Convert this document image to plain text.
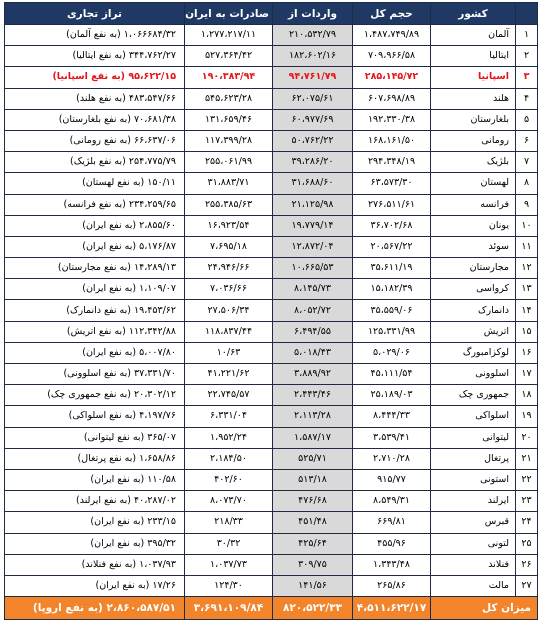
	کشور	حجم کل	واردات از	صادرات به ایران	تراز تجاری
۱	آلمان	۱،۴۸۷،۷۴۹/۸۹	۲۱۰،۵۳۲/۷۹	۱،۲۷۷،۲۱۷/۱۱	۱،۰۶۶۶۸۴/۳۲ (به نفع آلمان)
۲	ایتالیا	۷۰۹،۹۶۶/۵۸	۱۸۲،۶۰۲/۱۶	۵۲۷،۳۶۴/۴۲	۳۴۴،۷۶۲/۲۷ (به نفع ایتالیا)
۳	اسپانیا	۲۸۵،۱۴۵/۷۲	۹۴،۷۶۱/۷۹	۱۹۰،۳۸۳/۹۴	۹۵،۶۲۲/۱۵ (به نفع اسپانیا)
۴	هلند	۶۰۷،۶۹۸/۸۹	۶۲،۰۷۵/۶۱	۵۴۵،۶۲۳/۲۸	۴۸۳،۵۴۷/۶۶ (به نفع هلند)
۵	بلغارستان	۱۹۲،۳۳۰/۳۸	۶۰،۹۷۷/۶۹	۱۳۱،۶۵۹/۴۶	۷۰،۶۸۱/۳۸ (به نفع بلغارستان)
۶	رومانی	۱۶۸،۱۶۱/۵۰	۵۰،۷۶۲/۲۲	۱۱۷،۳۹۹/۲۸	۶۶،۶۳۷/۰۶ (به نفع رومانی)
۷	بلژیک	۲۹۴،۳۴۸/۱۹	۳۹،۲۸۶/۲۰	۲۵۵،۰۶۱/۹۹	۲۵۴،۷۷۵/۷۹ (به نفع بلژیک)
۸	لهستان	۶۳،۵۷۳/۳۰	۳۱،۶۸۸/۶۰	۳۱،۸۸۳/۷۱	۱۵۰/۱۱ (به نفع لهستان)
۹	فرانسه	۲۷۶،۵۱۱/۶۱	۲۱،۱۲۵/۹۸	۲۵۵،۳۸۵/۶۳	۲۳۴،۲۵۹/۶۵ (به نفع فرانسه)
۱۰	یونان	۳۶،۷۰۲/۶۸	۱۹،۷۷۹/۱۴	۱۶،۹۲۳/۵۴	۲،۸۵۵/۶۰ (به نفع ایران)
۱۱	سوئد	۲۰،۵۶۷/۲۲	۱۲،۸۷۲/۰۴	۷،۶۹۵/۱۸	۵،۱۷۶/۸۷ (به نفع ایران)
۱۲	مجارستان	۳۵،۶۱۱/۱۹	۱۰،۶۶۵/۵۳	۲۴،۹۴۶/۶۶	۱۴،۲۸۹/۱۳ (به نفع مجارستان)
۱۳	کرواسی	۱۵،۱۸۲/۳۹	۸،۱۴۵/۷۳	۷،۰۳۶/۶۶	۱،۱۰۹/۰۷ (به نفع ایران)
۱۴	دانمارک	۳۵،۵۵۹/۰۶	۸،۰۵۲/۷۲	۲۷،۵۰۶/۳۴	۱۹،۴۵۳/۶۲ (به نفع دانمارک)
۱۵	اتریش	۱۲۵،۳۳۱/۹۹	۶،۴۹۴/۵۵	۱۱۸،۸۳۷/۴۴	۱۱۲،۳۴۲/۸۸ (به نفع اتریش)
۱۶	لوکزامبورگ	۵،۰۲۹/۰۶	۵،۰۱۸/۴۳	۱۰/۶۳	۵،۰۰۷/۸۰ (به نفع ایران)
۱۷	اسلوونی	۴۵،۱۱۱/۵۴	۳،۸۸۹/۹۲	۴۱،۲۲۱/۶۲	۳۷،۳۳۱/۷۰ (به نفع اسلوونی)
۱۸	جمهوری چک	۲۵،۱۸۹/۰۳	۲،۴۴۳/۴۶	۲۲،۷۴۵/۵۷	۲۰،۳۰۲/۱۲ (به نفع جمهوری چک)
۱۹	اسلواکی	۸،۴۴۴/۳۳	۲،۱۱۳/۲۸	۶،۳۳۱/۰۴	۴،۱۹۷/۷۶ (به نفع اسلواکی)
۲۰	لیتوانی	۳،۵۳۹/۴۱	۱،۵۸۷/۱۷	۱،۹۵۲/۲۴	۳۶۵/۰۷ (به نفع لیتوانی)
۲۱	پرتغال	۲،۷۱۰/۲۸	۵۲۵/۷۱	۲،۱۸۴/۵۰	۱،۶۵۸/۸۶ (به نفع پرتغال)
۲۲	استونی	۹۱۵/۷۷	۵۱۳/۱۸	۴۰۲/۶۰	۱۱۰/۵۸ (به نفع ایران)
۲۳	ایرلند	۸،۵۴۹/۳۱	۴۷۶/۶۸	۸،۰۷۳/۷۰	۴۰،۲۸۷/۰۲ (به نفع ایرلند)
۲۴	قبرس	۶۶۹/۸۱	۴۵۱/۴۸	۲۱۸/۳۳	۲۳۳/۱۵ (به نفع ایران)
۲۵	لتونی	۴۵۵/۹۶	۴۲۵/۶۴	۳۰/۳۲	۳۹۵/۳۲ (به نفع ایران)
۲۶	فنلاند	۱،۳۴۳/۴۸	۳۰۹/۷۵	۱،۰۳۷/۷۳	۱،۰۳۷/۹۳ (به نفع فنلاند)
۲۷	مالت	۲۶۵/۸۶	۱۴۱/۵۶	۱۲۴/۳۰	۱۷/۲۶ (به نفع ایران)
میزان کل		۴،۵۱۱،۶۲۲/۱۷	۸۲۰،۵۲۲/۳۳	۳،۶۹۱،۱۰۹/۸۴	۲،۸۶۰،۵۸۷/۵۱ (به نفع اروپا)
